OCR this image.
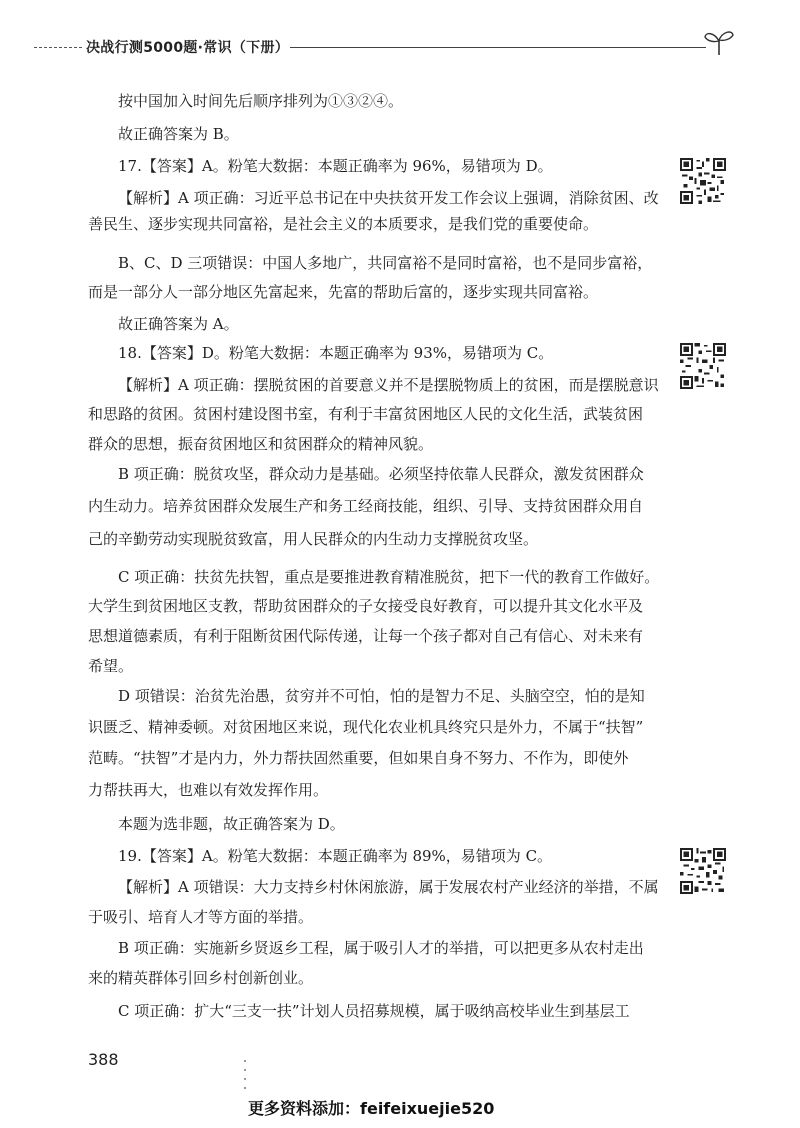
决战行测5000题·常识（下册）
按中国加入时间先后顺序排列为①③②④。
故正确答案为 B。
17.【答案】A。粉笔大数据：本题正确率为 96%，易错项为 D。
【解析】A 项正确：习近平总书记在中央扶贫开发工作会议上强调，消除贫困、改
善民生、逐步实现共同富裕，是社会主义的本质要求，是我们党的重要使命。
B、C、D 三项错误：中国人多地广，共同富裕不是同时富裕，也不是同步富裕，
而是一部分人一部分地区先富起来，先富的帮助后富的，逐步实现共同富裕。
故正确答案为 A。
18.【答案】D。粉笔大数据：本题正确率为 93%，易错项为 C。
【解析】A 项正确：摆脱贫困的首要意义并不是摆脱物质上的贫困，而是摆脱意识
和思路的贫困。贫困村建设图书室，有利于丰富贫困地区人民的文化生活，武装贫困
群众的思想，振奋贫困地区和贫困群众的精神风貌。
B 项正确：脱贫攻坚，群众动力是基础。必须坚持依靠人民群众，激发贫困群众
内生动力。培养贫困群众发展生产和务工经商技能，组织、引导、支持贫困群众用自
己的辛勤劳动实现脱贫致富，用人民群众的内生动力支撑脱贫攻坚。
C 项正确：扶贫先扶智，重点是要推进教育精准脱贫，把下一代的教育工作做好。
大学生到贫困地区支教，帮助贫困群众的子女接受良好教育，可以提升其文化水平及
思想道德素质，有利于阻断贫困代际传递，让每一个孩子都对自己有信心、对未来有
希望。
D 项错误：治贫先治愚，贫穷并不可怕，怕的是智力不足、头脑空空，怕的是知
识匮乏、精神委顿。对贫困地区来说，现代化农业机具终究只是外力，不属于“扶智”
范畴。“扶智”才是内力，外力帮扶固然重要，但如果自身不努力、不作为，即使外
力帮扶再大，也难以有效发挥作用。
本题为选非题，故正确答案为 D。
19.【答案】A。粉笔大数据：本题正确率为 89%，易错项为 C。
【解析】A 项错误：大力支持乡村休闲旅游，属于发展农村产业经济的举措，不属
于吸引、培育人才等方面的举措。
B 项正确：实施新乡贤返乡工程，属于吸引人才的举措，可以把更多从农村走出
来的精英群体引回乡村创新创业。
C 项正确：扩大“三支一扶”计划人员招募规模，属于吸纳高校毕业生到基层工
388
更多资料添加：feifeixuejie520
